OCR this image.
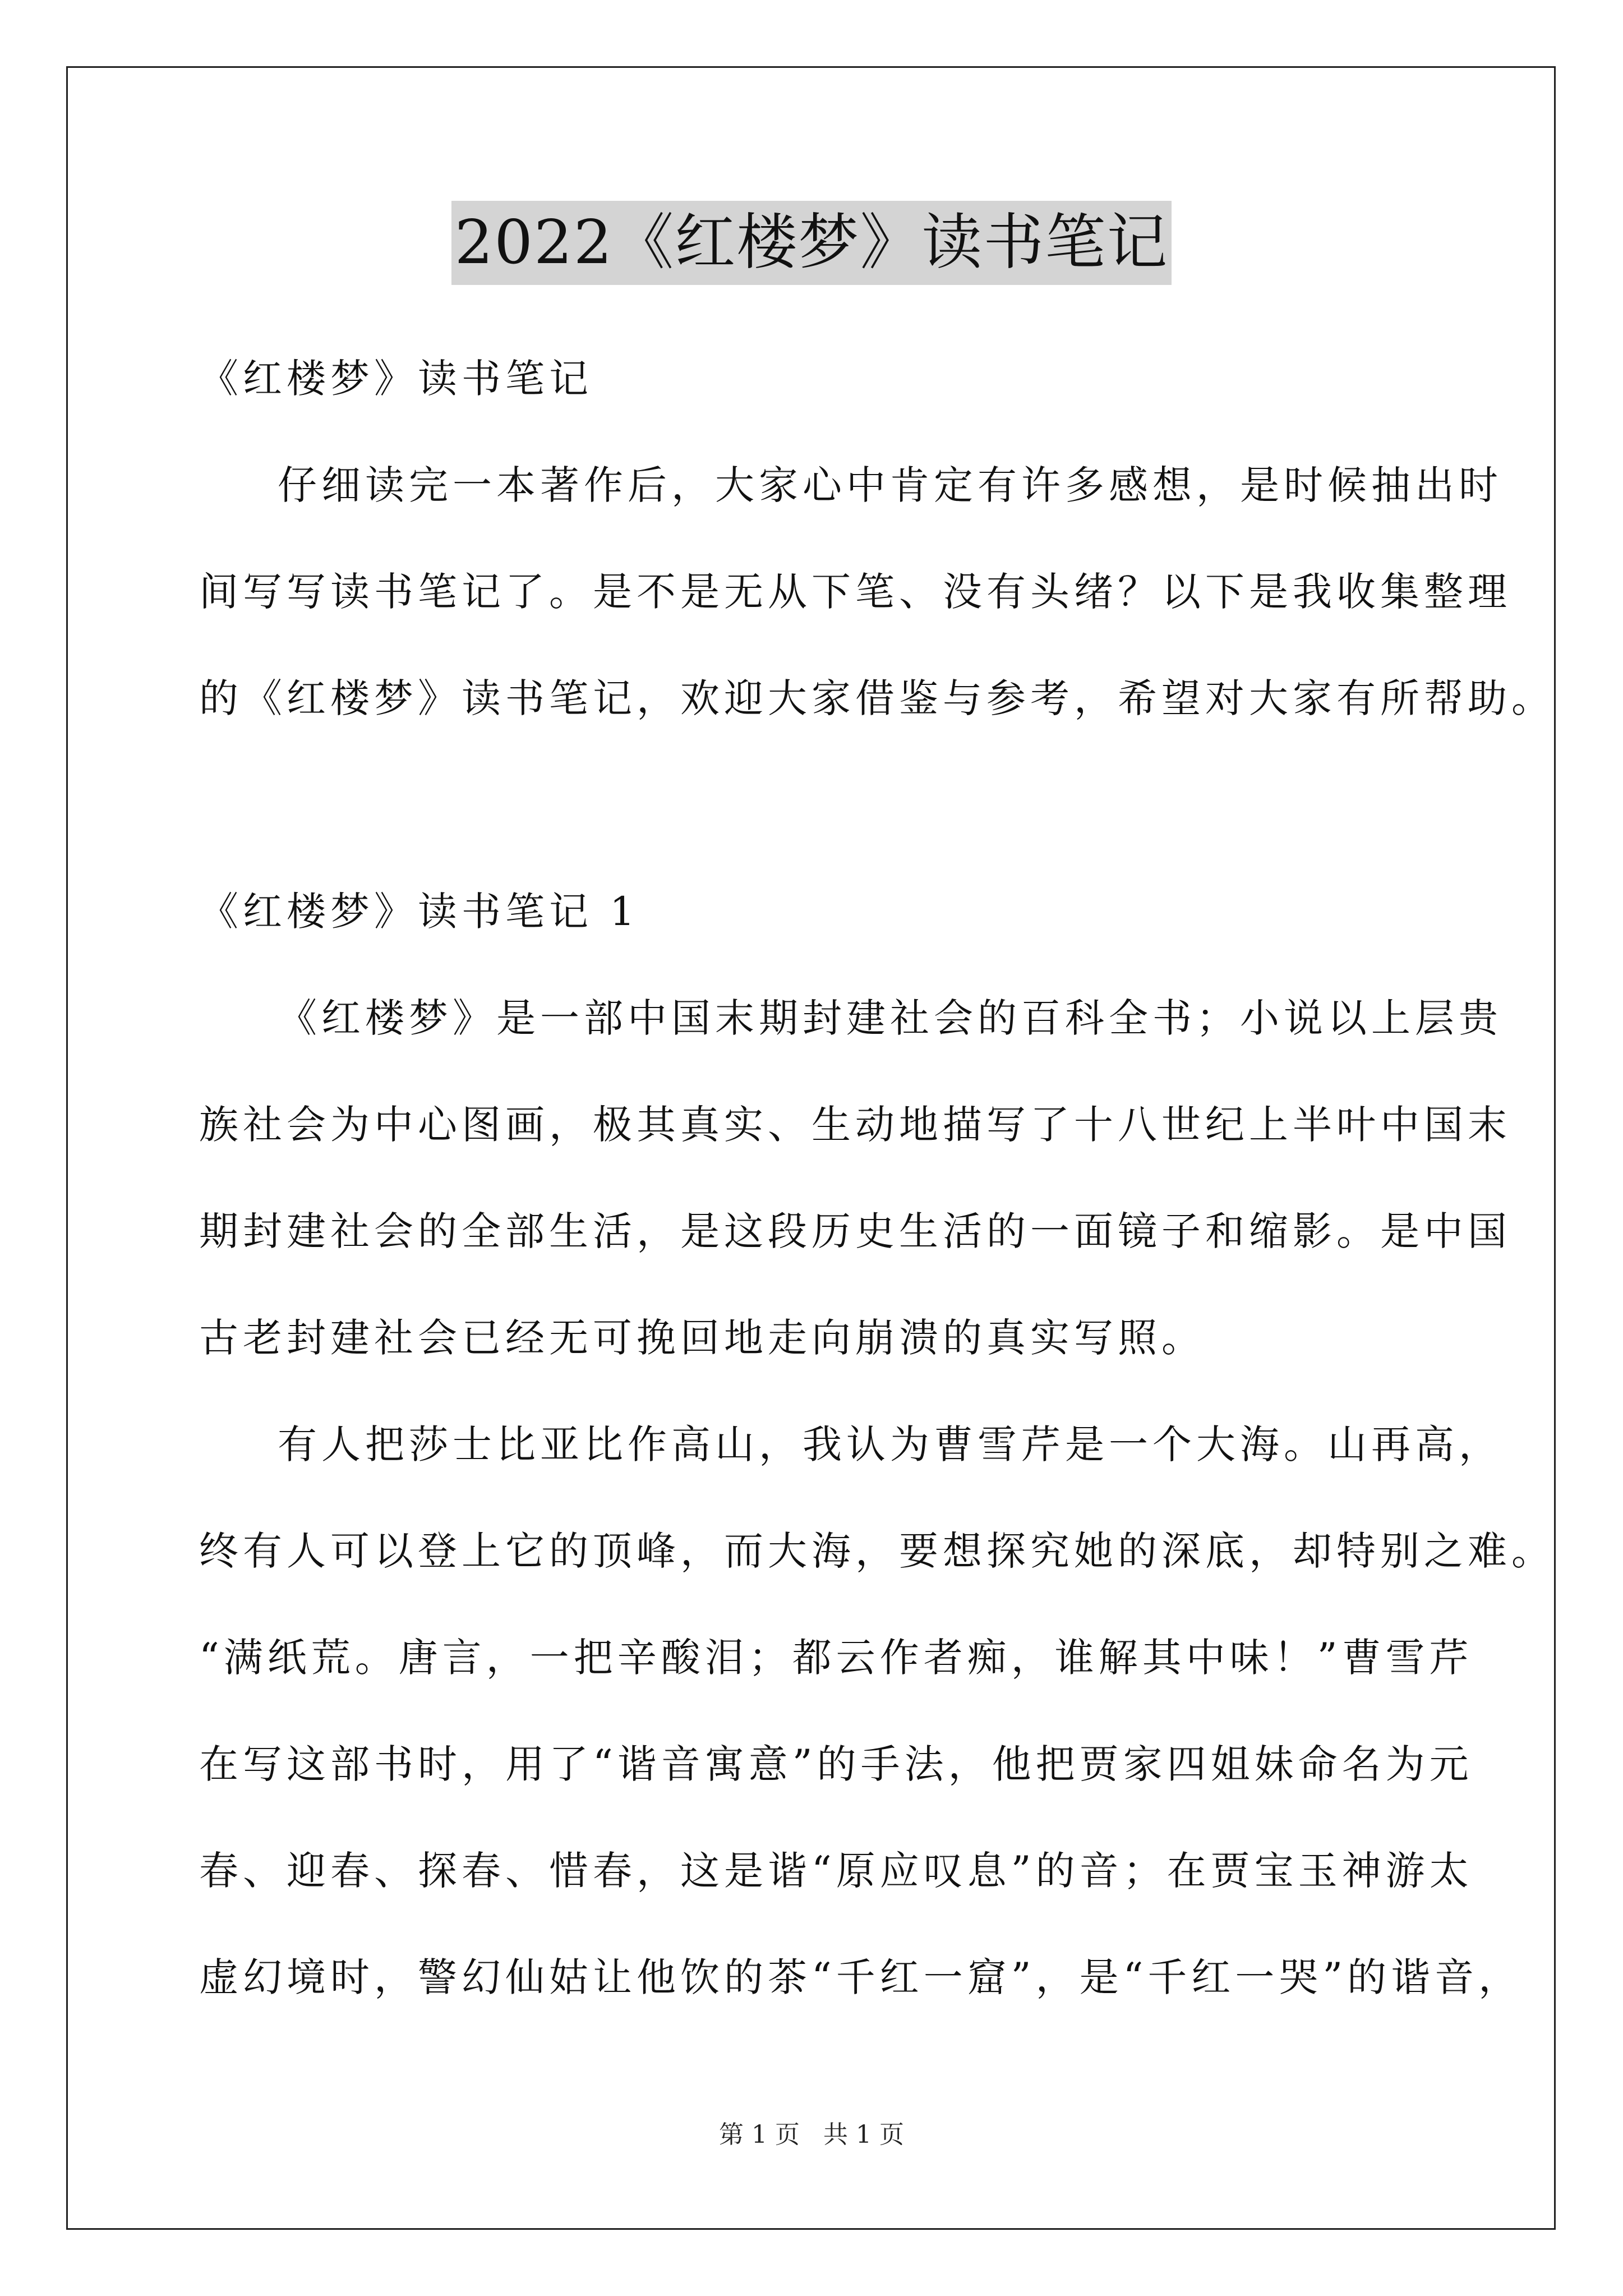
2022《红楼梦》读书笔记
《红楼梦》读书笔记
仔细读完一本著作后，大家心中肯定有许多感想，是时候抽出时
间写写读书笔记了。是不是无从下笔、没有头绪？以下是我收集整理
的《红楼梦》读书笔记，欢迎大家借鉴与参考，希望对大家有所帮助。
《红楼梦》读书笔记 1
《红楼梦》是一部中国末期封建社会的百科全书；小说以上层贵
族社会为中心图画，极其真实、生动地描写了十八世纪上半叶中国末
期封建社会的全部生活，是这段历史生活的一面镜子和缩影。是中国
古老封建社会已经无可挽回地走向崩溃的真实写照。
有人把莎士比亚比作高山，我认为曹雪芹是一个大海。山再高，
终有人可以登上它的顶峰，而大海，要想探究她的深底，却特别之难。
“满纸荒。唐言，一把辛酸泪；都云作者痴，谁解其中味！”曹雪芹
在写这部书时，用了“谐音寓意”的手法，他把贾家四姐妹命名为元
春、迎春、探春、惜春，这是谐“原应叹息”的音；在贾宝玉神游太
虚幻境时，警幻仙姑让他饮的茶“千红一窟”，是“千红一哭”的谐音，
第 1 页 共 1 页
